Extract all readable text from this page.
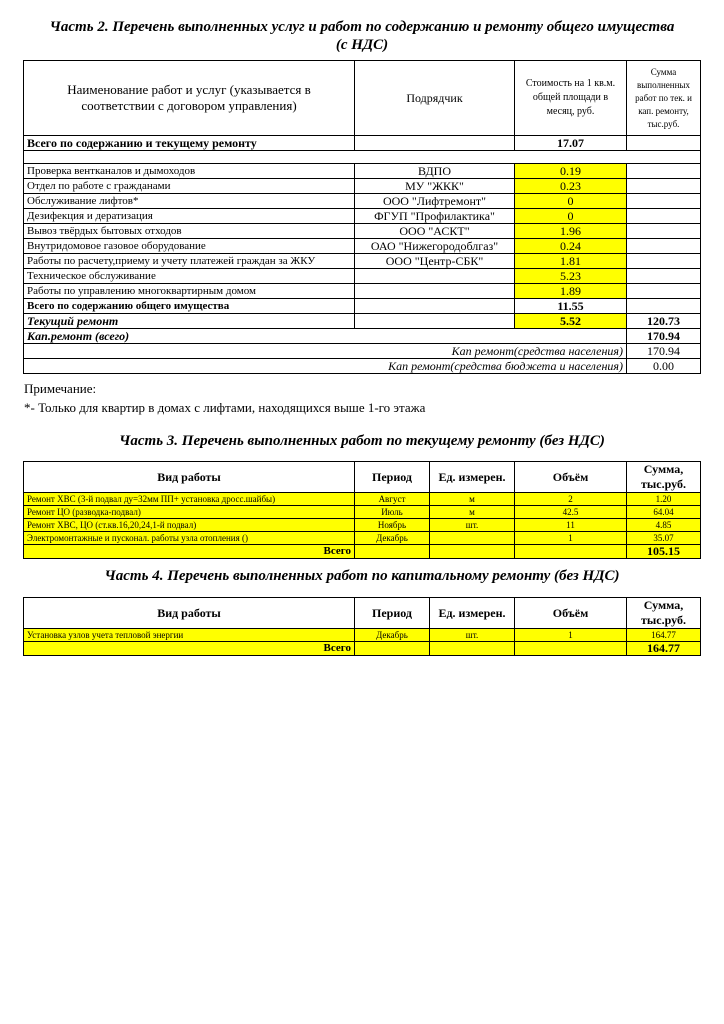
Часть 2. Перечень выполненных услуг и работ по содержанию и ремонту общего имущества
(с НДС)
Наименование работ и услуг (указывается в соответствии с договором управления)	Подрядчик	Стоимость на 1 кв.м. общей площади в месяц, руб.	Сумма выполненных работ по тек. и кап. ремонту, тыс.руб.
Всего по содержанию и текущему ремонту		17.07	

Проверка вентканалов и дымоходов	ВДПО	0.19	
Отдел по работе с гражданами	МУ "ЖКК"	0.23	
Обслуживание лифтов*	ООО "Лифтремонт"	0	
Дезифекция и дератизация	ФГУП "Профилактика"	0	
Вывоз твёрдых бытовых отходов	ООО "АСКТ"	1.96	
Внутридомовое газовое оборудование	ОАО "Нижегородоблгаз"	0.24	
Работы по расчету,приему и учету платежей граждан за ЖКУ	ООО "Центр-СБК"	1.81	
Техническое обслуживание		5.23	
Работы по управлению многоквартирным домом		1.89	
Всего по содержанию общего имущества		11.55	
Текущий ремонт		5.52	120.73
Кап.ремонт (всего)			170.94
Кап ремонт(средства населения)			170.94
Кап ремонт(средства бюджета и населения)			0.00
Примечание:
*- Только для квартир в домах с лифтами, находящихся выше 1-го этажа
Часть 3. Перечень выполненных работ по текущему ремонту (без НДС)
Вид работы	Период	Ед. измерен.	Объём	Сумма,
тыс.руб.

Ремонт ХВС (3-й подвал ду=32мм ПП+ установка дросс.шайбы)	Август	м	2	1.20
Ремонт ЦО (разводка-подвал)	Июль	м	42.5	64.04
Ремонт ХВС, ЦО (ст.кв.16,20,24,1-й подвал)	Ноябрь	шт.	11	4.85
Электромонтажные и пусконал. работы узла отопления ()	Декабрь		1	35.07
Всего				105.15
Часть 4. Перечень выполненных работ по капитальному ремонту (без НДС)
Вид работы	Период	Ед. измерен.	Объём	Сумма,
тыс.руб.

Установка узлов учета тепловой энергии	Декабрь	шт.	1	164.77
Всего				164.77
